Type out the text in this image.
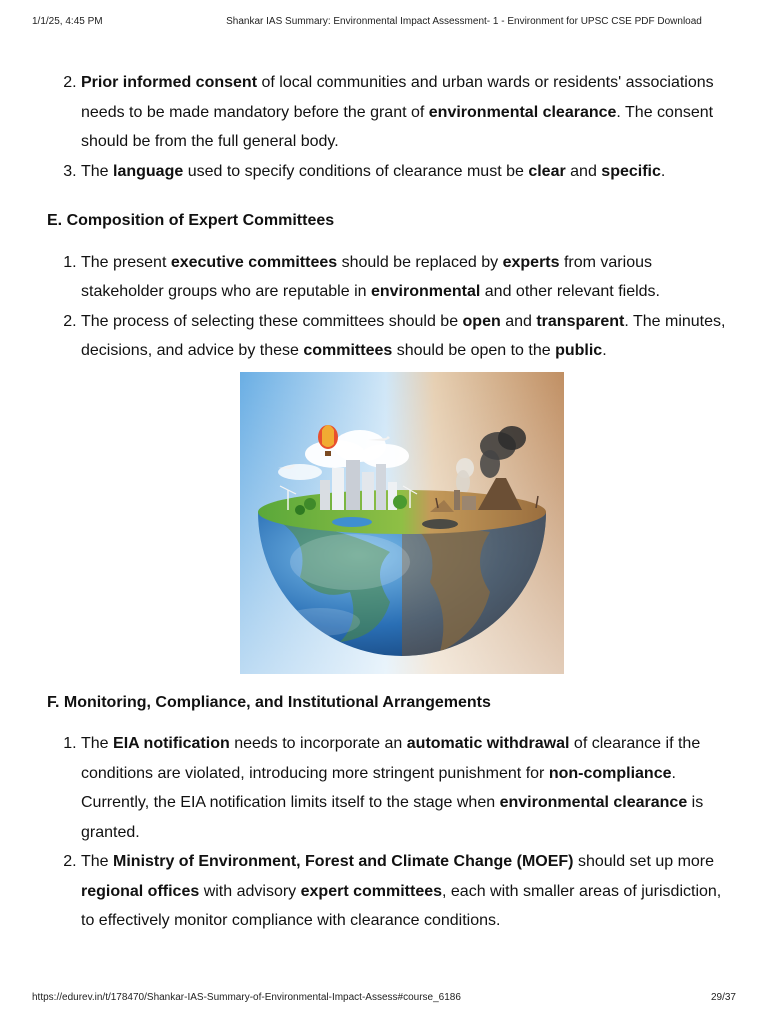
1/1/25, 4:45 PM	Shankar IAS Summary: Environmental Impact Assessment- 1 - Environment for UPSC CSE PDF Download
2. Prior informed consent of local communities and urban wards or residents' associations needs to be made mandatory before the grant of environmental clearance. The consent should be from the full general body.
3. The language used to specify conditions of clearance must be clear and specific.
E. Composition of Expert Committees
1. The present executive committees should be replaced by experts from various stakeholder groups who are reputable in environmental and other relevant fields.
2. The process of selecting these committees should be open and transparent. The minutes, decisions, and advice by these committees should be open to the public.
F. Monitoring, Compliance, and Institutional Arrangements
1. The EIA notification needs to incorporate an automatic withdrawal of clearance if the conditions are violated, introducing more stringent punishment for non-compliance. Currently, the EIA notification limits itself to the stage when environmental clearance is granted.
2. The Ministry of Environment, Forest and Climate Change (MOEF) should set up more regional offices with advisory expert committees, each with smaller areas of jurisdiction, to effectively monitor compliance with clearance conditions.
https://edurev.in/t/178470/Shankar-IAS-Summary-of-Environmental-Impact-Assess#course_6186	29/37
